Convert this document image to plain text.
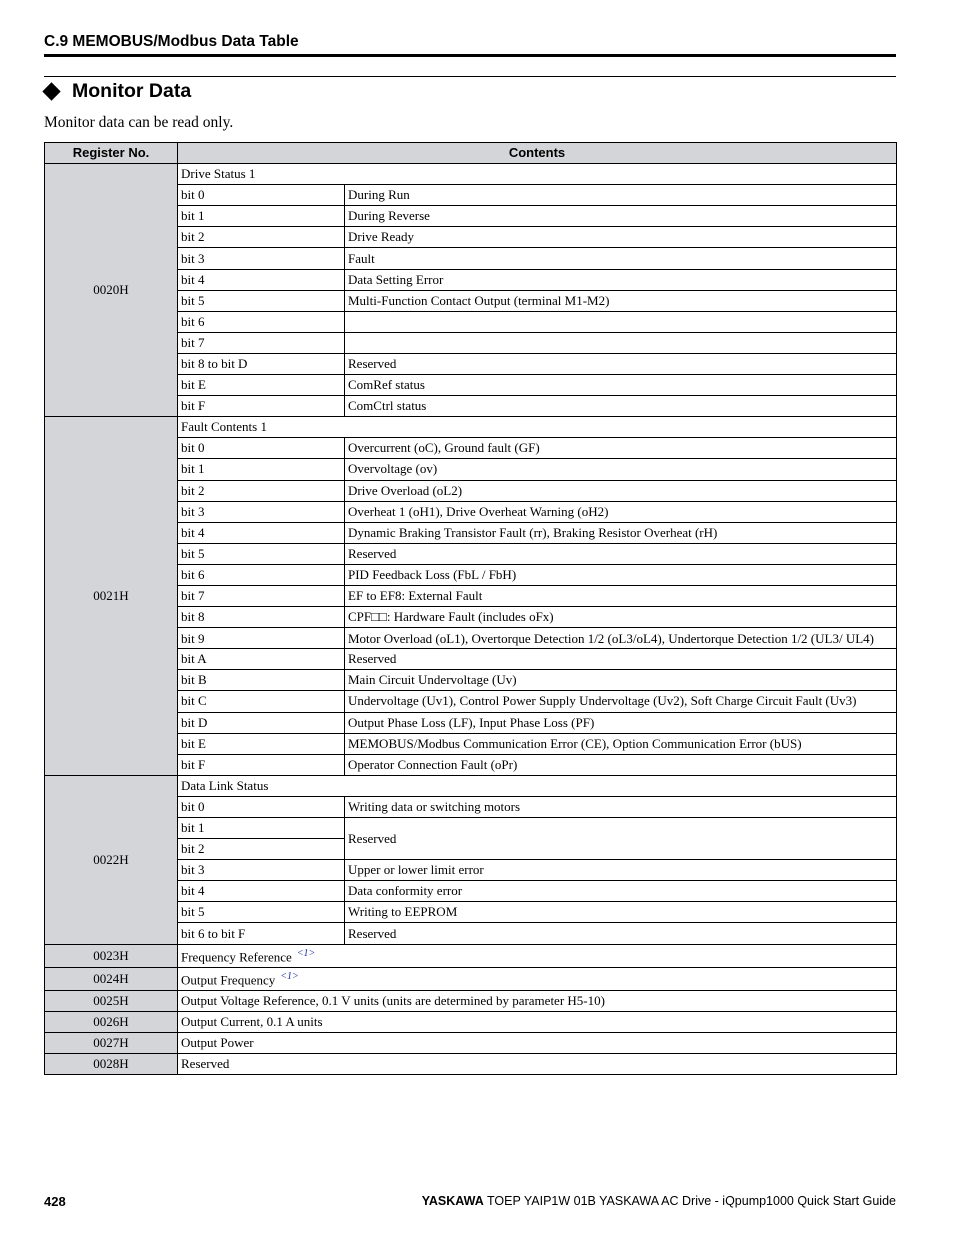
C.9 MEMOBUS/Modbus Data Table
Monitor Data
Monitor data can be read only.
Register No.	Contents	
0020H	Drive Status 1	
	bit 0	During Run
	bit 1	During Reverse
	bit 2	Drive Ready
	bit 3	Fault
	bit 4	Data Setting Error
	bit 5	Multi-Function Contact Output (terminal M1-M2)
	bit 6	
	bit 7	
	bit 8 to bit D	Reserved
	bit E	ComRef status
	bit F	ComCtrl status
0021H	Fault Contents 1	
	bit 0	Overcurrent (oC), Ground fault (GF)
	bit 1	Overvoltage (ov)
	bit 2	Drive Overload (oL2)
	bit 3	Overheat 1 (oH1), Drive Overheat Warning (oH2)
	bit 4	Dynamic Braking Transistor Fault (rr), Braking Resistor Overheat (rH)
	bit 5	Reserved
	bit 6	PID Feedback Loss (FbL / FbH)
	bit 7	EF to EF8: External Fault
	bit 8	CPF□□: Hardware Fault (includes oFx)
	bit 9	Motor Overload (oL1), Overtorque Detection 1/2 (oL3/oL4), Undertorque Detection 1/2 (UL3/ UL4)
	bit A	Reserved
	bit B	Main Circuit Undervoltage (Uv)
	bit C	Undervoltage (Uv1), Control Power Supply Undervoltage (Uv2), Soft Charge Circuit Fault (Uv3)
	bit D	Output Phase Loss (LF), Input Phase Loss (PF)
	bit E	MEMOBUS/Modbus Communication Error (CE), Option Communication Error (bUS)
	bit F	Operator Connection Fault (oPr)
0022H	Data Link Status	
	bit 0	Writing data or switching motors
	bit 1	Reserved
	bit 2	
	bit 3	Upper or lower limit error
	bit 4	Data conformity error
	bit 5	Writing to EEPROM
	bit 6 to bit F	Reserved
0023H	Frequency Reference $^{<1>}$
0024H	Output Frequency $^{<1>}$
0025H	Output Voltage Reference, 0.1 V units (units are determined by parameter H5-10)	
0026H	Output Current, 0.1 A units	
0027H	Output Power	
0028H	Reserved	
428	YASKAWA TOEP YAIP1W 01B YASKAWA AC Drive - iQpump1000 Quick Start Guide
